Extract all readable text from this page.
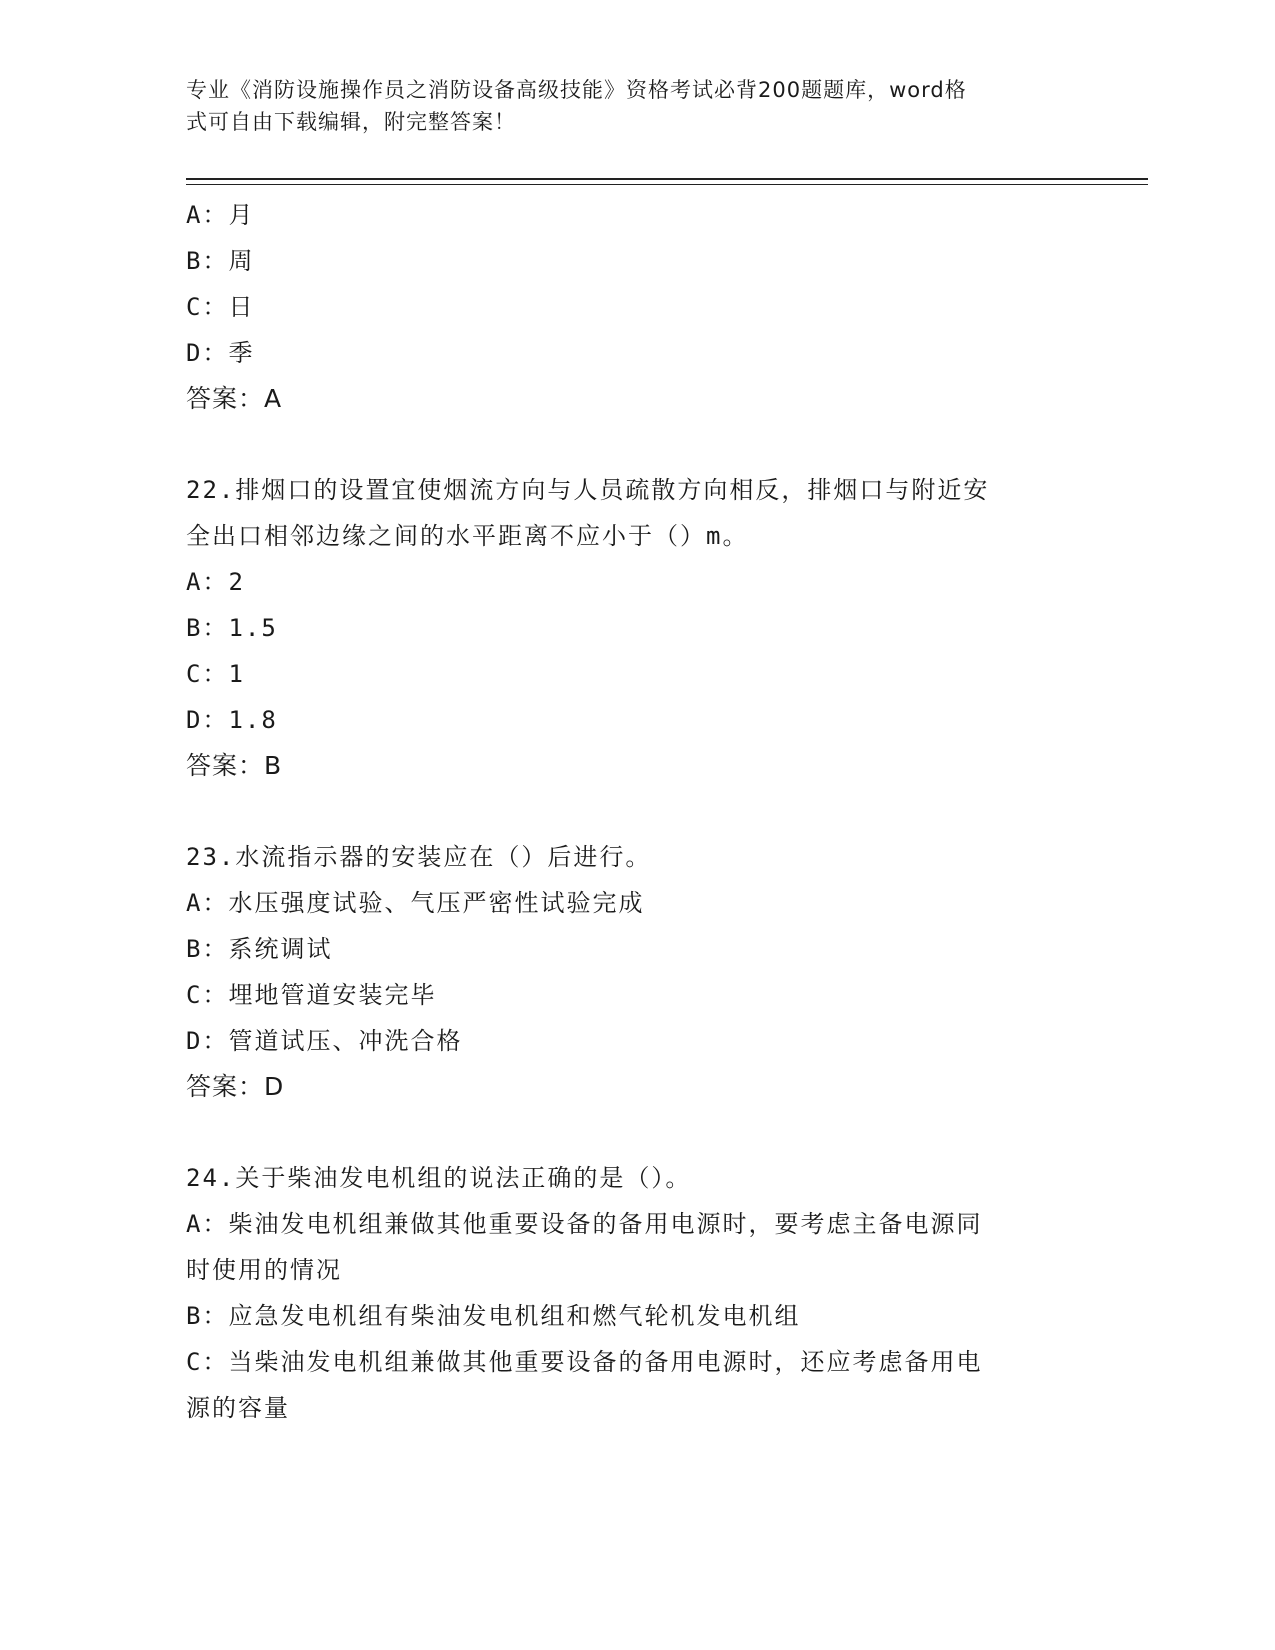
专业《消防设施操作员之消防设备高级技能》资格考试必背200题题库，word格
式可自由下载编辑，附完整答案！
A：月
B：周
C：日
D：季
答案：A
22.排烟口的设置宜使烟流方向与人员疏散方向相反，排烟口与附近安
全出口相邻边缘之间的水平距离不应小于（）m。
A：2
B：1.5
C：1
D：1.8
答案：B
23.水流指示器的安装应在（）后进行。
A：水压强度试验、气压严密性试验完成
B：系统调试
C：埋地管道安装完毕
D：管道试压、冲洗合格
答案：D
24.关于柴油发电机组的说法正确的是（）。
A：柴油发电机组兼做其他重要设备的备用电源时，要考虑主备电源同
时使用的情况
B：应急发电机组有柴油发电机组和燃气轮机发电机组
C：当柴油发电机组兼做其他重要设备的备用电源时，还应考虑备用电
源的容量
